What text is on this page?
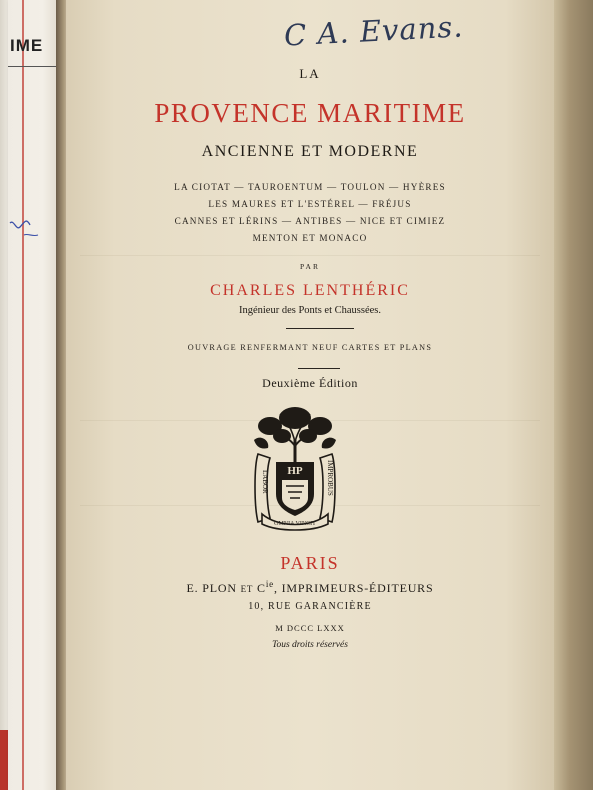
IME	C A. Evans.
LA
PROVENCE MARITIME
ANCIENNE ET MODERNE
LA CIOTAT — TAUROENTUM — TOULON — HYÈRES
LES MAURES ET L'ESTÉREL — FRÉJUS
CANNES ET LÉRINS — ANTIBES — NICE ET CIMIEZ
MENTON ET MONACO
PAR
CHARLES LENTHÉRIC
Ingénieur des Ponts et Chaussées.
OUVRAGE RENFERMANT NEUF CARTES ET PLANS
Deuxième Édition
HP
LABOR	IMPROBUS
OMNIA VINCIT
PARIS
E. PLON ET $C^{ie}$, IMPRIMEURS-ÉDITEURS
10, RUE GARANCIÈRE
M DCCC LXXX
Tous droits réservés
